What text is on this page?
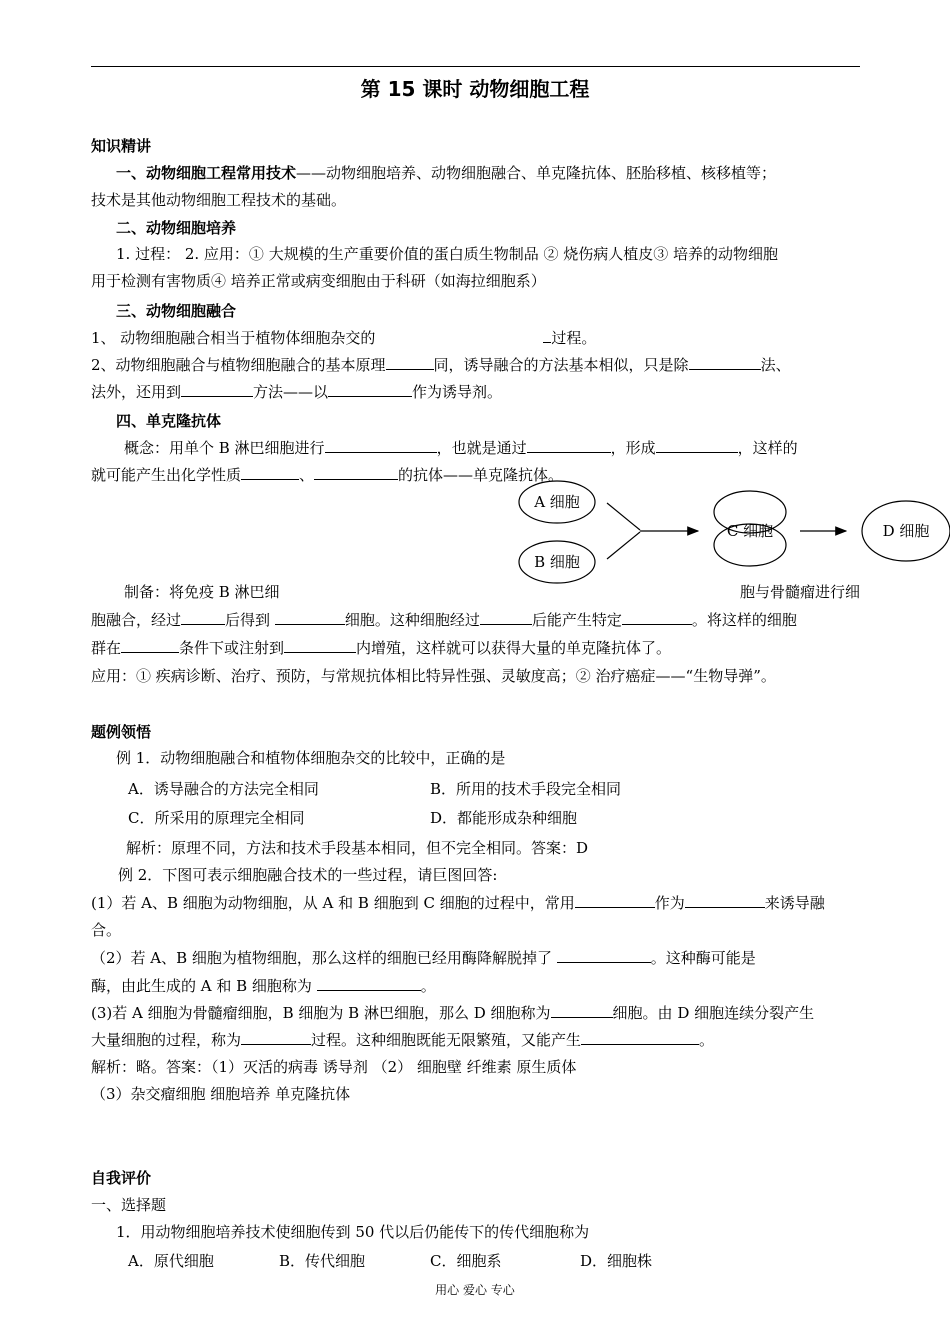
第 15 课时 动物细胞工程
知识精讲
一、动物细胞工程常用技术——动物细胞培养、动物细胞融合、单克隆抗体、胚胎移植、核移植等；
技术是其他动物细胞工程技术的基础。
二、动物细胞培养
1. 过程： 2. 应用：① 大规模的生产重要价值的蛋白质生物制品 ② 烧伤病人植皮③ 培养的动物细胞
用于检测有害物质④ 培养正常或病变细胞由于科研（如海拉细胞系）
三、动物细胞融合
1、 动物细胞融合相当于植物体细胞杂交的	过程。
2、动物细胞融合与植物细胞融合的基本原理	同，诱导融合的方法基本相似，只是除	法、
法外，还用到	方法——以	作为诱导剂。
四、单克隆抗体
概念：用单个 B 淋巴细胞进行	，也就是通过	，形成	，这样的
就可能产生出化学性质	、	的抗体——单克隆抗体。
A 细胞
B 细胞
C 细胞	D 细胞
制备：将免疫 B 淋巴细	胞与骨髓瘤进行细
胞融合，经过	后得到	细胞。这种细胞经过	后能产生特定	。将这样的细胞
群在	条件下或注射到	内增殖，这样就可以获得大量的单克隆抗体了。
应用：① 疾病诊断、治疗、预防，与常规抗体相比特异性强、灵敏度高；② 治疗癌症——“生物导弹”。
题例领悟
例 1．动物细胞融合和植物体细胞杂交的比较中，正确的是
A．诱导融合的方法完全相同	B．所用的技术手段完全相同
C．所采用的原理完全相同	D．都能形成杂种细胞
解析：原理不同，方法和技术手段基本相同，但不完全相同。答案：D
例 2．下图可表示细胞融合技术的一些过程，请巨图回答:
(1）若 A、B 细胞为动物细胞，从 A 和 B 细胞到 C 细胞的过程中，常用	作为	来诱导融
合。
（2）若 A、B 细胞为植物细胞，那么这样的细胞已经用酶降解脱掉了	。这种酶可能是
酶，由此生成的 A 和 B 细胞称为	。
(3)若 A 细胞为骨髓瘤细胞，B 细胞为 B 淋巴细胞，那么 D 细胞称为	细胞。由 D 细胞连续分裂产生
大量细胞的过程，称为	过程。这种细胞既能无限繁殖，又能产生	。
解析：略。答案：（1）灭活的病毒 诱导剂 （2） 细胞壁 纤维素 原生质体
（3）杂交瘤细胞 细胞培养 单克隆抗体
自我评价
一、选择题
1．用动物细胞培养技术使细胞传到 50 代以后仍能传下的传代细胞称为
A．原代细胞	B．传代细胞	C．细胞系	D．细胞株
用心 爱心 专心
